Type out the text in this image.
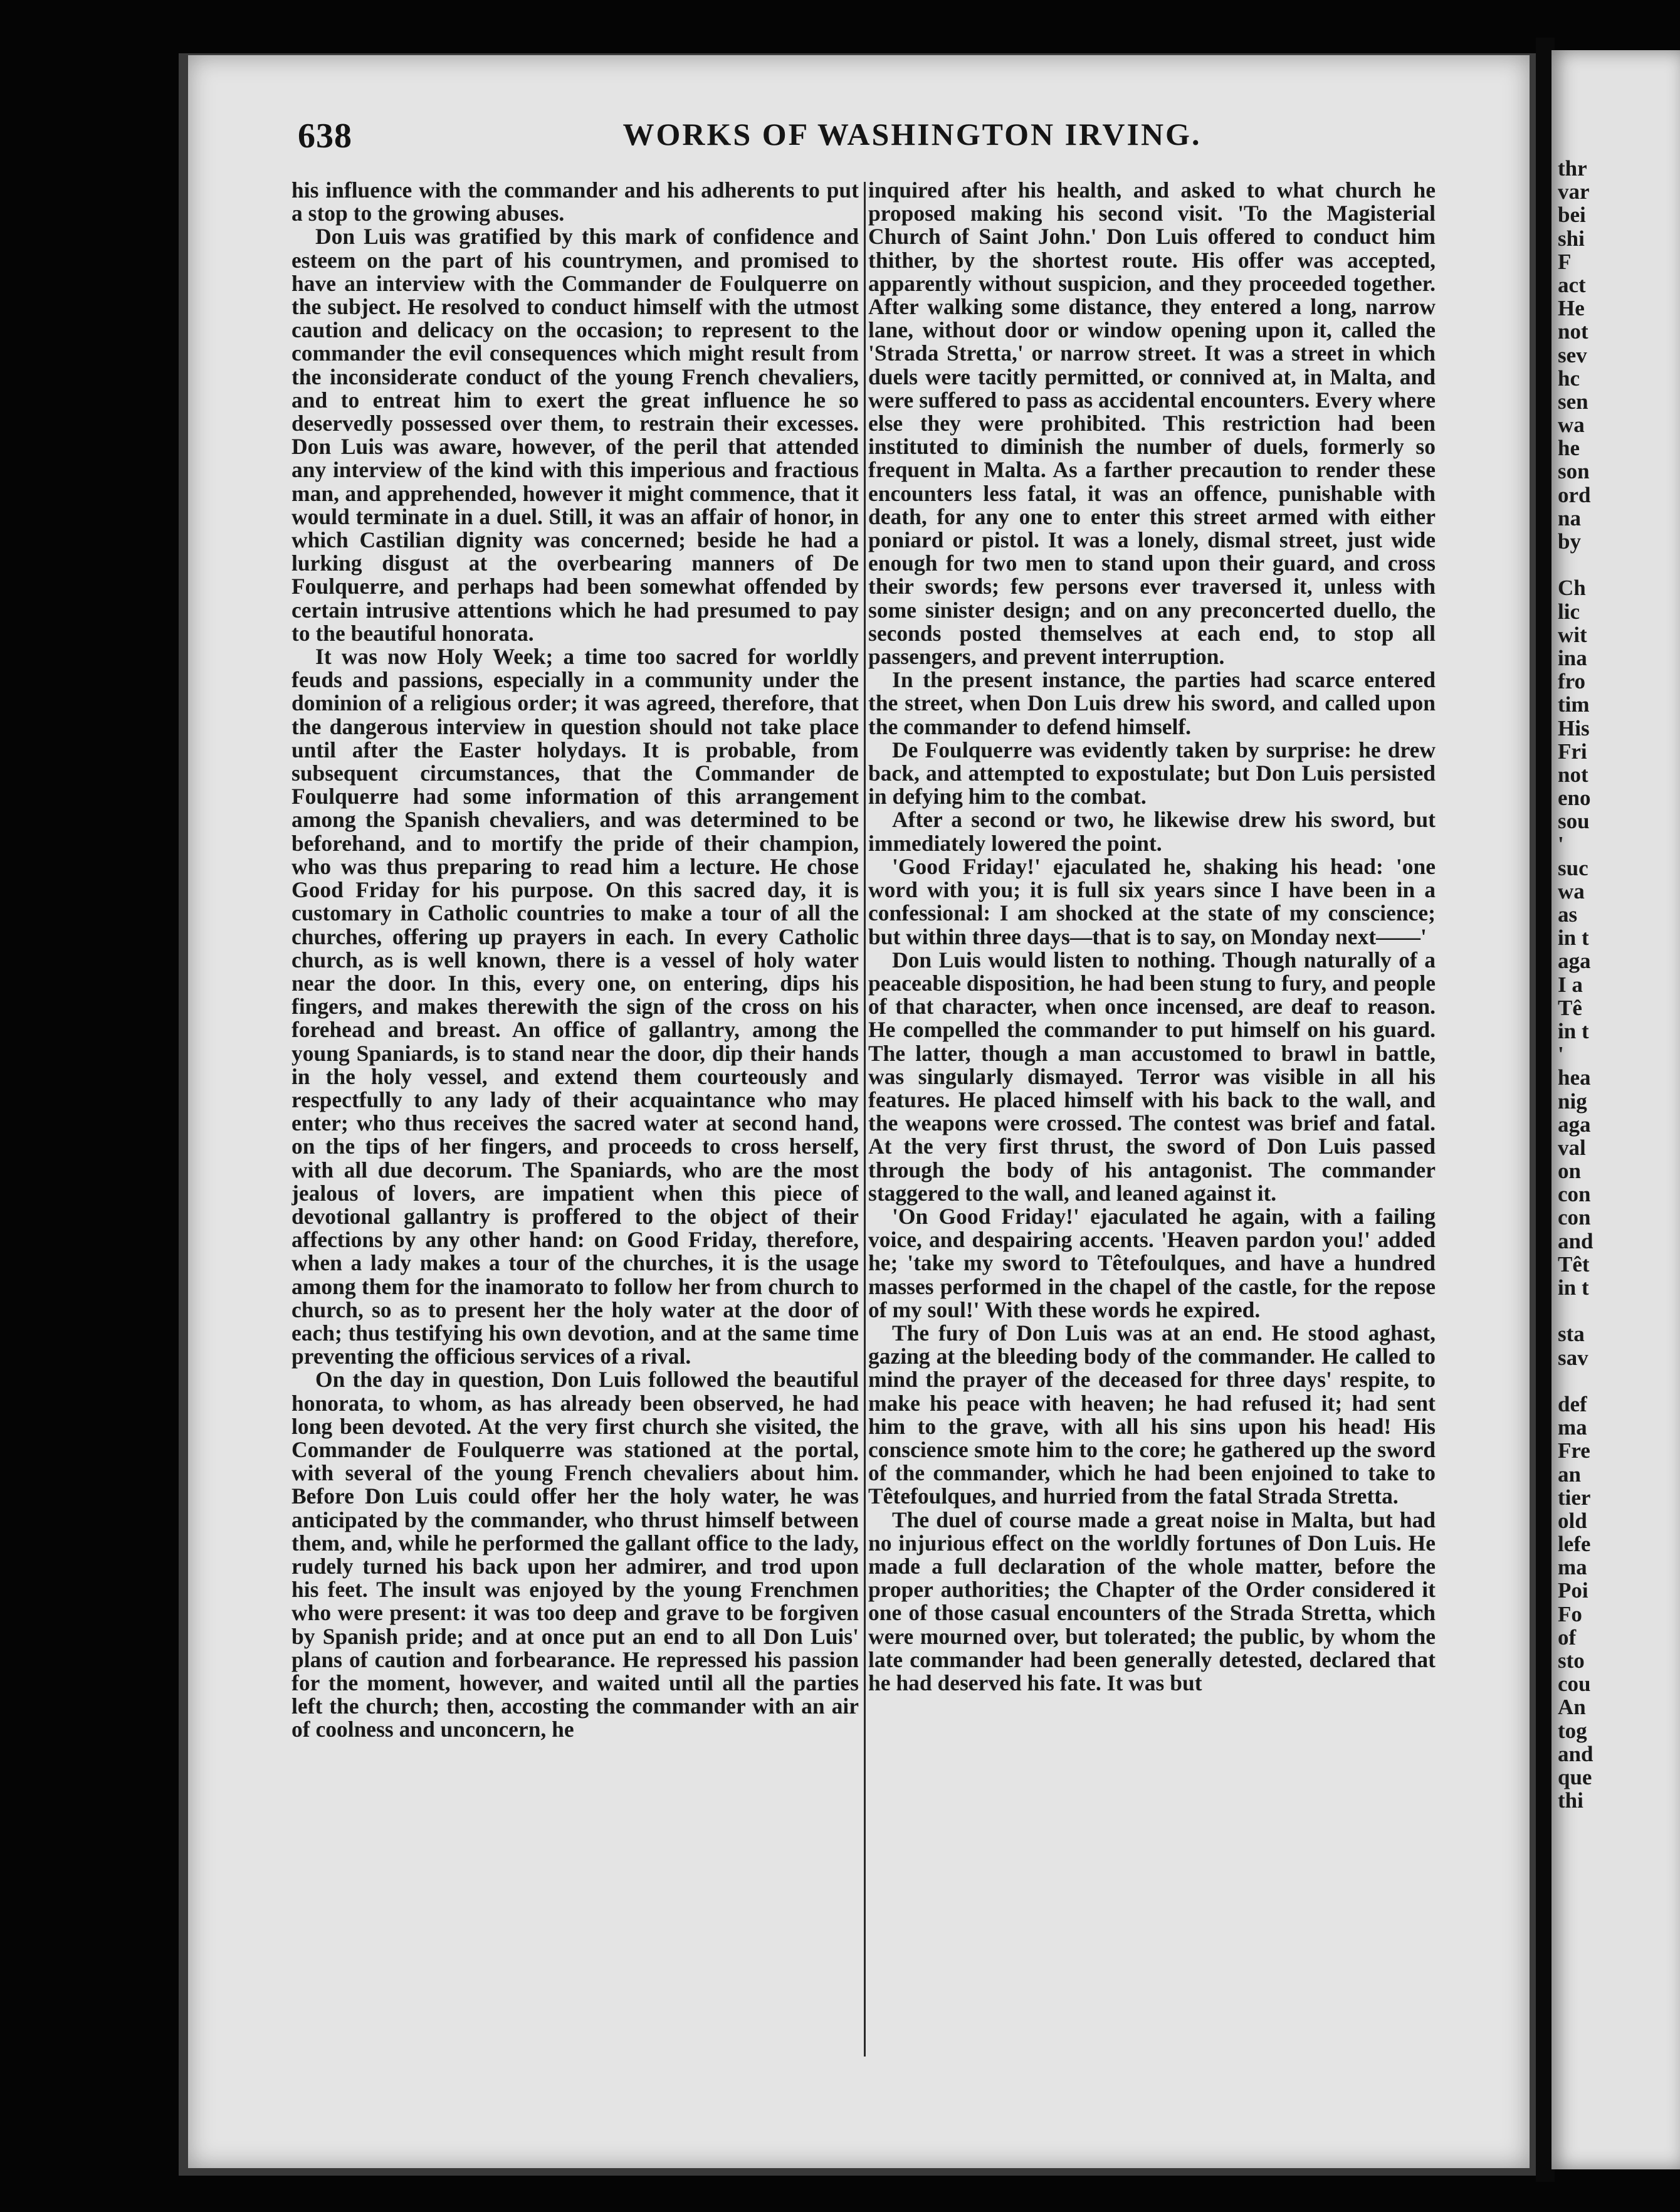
thr
var
bei
shi
F
act
He
not
sev
hc
sen
wa
he
son
ord
na
by
Ch
lic
wit
ina
fro
tim
His
Fri
not
eno
sou
'
suc
wa
as
in t
aga
I a
Tê
in t
'
hea
nig
aga
val
on
con
con
and
Têt
in t
sta
sav
def
ma
Fre
an
tier
old
lefe
ma
Poi
Fo
of
sto
cou
An
tog
and
que
thi
638	WORKS OF WASHINGTON IRVING.

his influence with the commander and his adherents to put a stop to the growing abuses.

Don Luis was gratified by this mark of confidence and esteem on the part of his countrymen, and promised to have an interview with the Commander de Foulquerre on the subject. He resolved to conduct himself with the utmost caution and delicacy on the occasion; to represent to the commander the evil consequences which might result from the inconsiderate conduct of the young French chevaliers, and to entreat him to exert the great influence he so deservedly possessed over them, to restrain their excesses. Don Luis was aware, however, of the peril that attended any interview of the kind with this imperious and fractious man, and apprehended, however it might commence, that it would terminate in a duel. Still, it was an affair of honor, in which Castilian dignity was concerned; beside he had a lurking disgust at the overbearing manners of De Foulquerre, and perhaps had been somewhat offended by certain intrusive attentions which he had presumed to pay to the beautiful honorata.

It was now Holy Week; a time too sacred for worldly feuds and passions, especially in a community under the dominion of a religious order; it was agreed, therefore, that the dangerous interview in question should not take place until after the Easter holydays. It is probable, from subsequent circumstances, that the Commander de Foulquerre had some information of this arrangement among the Spanish chevaliers, and was determined to be beforehand, and to mortify the pride of their champion, who was thus preparing to read him a lecture. He chose Good Friday for his purpose. On this sacred day, it is customary in Catholic countries to make a tour of all the churches, offering up prayers in each. In every Catholic church, as is well known, there is a vessel of holy water near the door. In this, every one, on entering, dips his fingers, and makes therewith the sign of the cross on his forehead and breast. An office of gallantry, among the young Spaniards, is to stand near the door, dip their hands in the holy vessel, and extend them courteously and respectfully to any lady of their acquaintance who may enter; who thus receives the sacred water at second hand, on the tips of her fingers, and proceeds to cross herself, with all due decorum. The Spaniards, who are the most jealous of lovers, are impatient when this piece of devotional gallantry is proffered to the object of their affections by any other hand: on Good Friday, therefore, when a lady makes a tour of the churches, it is the usage among them for the inamorato to follow her from church to church, so as to present her the holy water at the door of each; thus testifying his own devotion, and at the same time preventing the officious services of a rival.

On the day in question, Don Luis followed the beautiful honorata, to whom, as has already been observed, he had long been devoted. At the very first church she visited, the Commander de Foulquerre was stationed at the portal, with several of the young French chevaliers about him. Before Don Luis could offer her the holy water, he was anticipated by the commander, who thrust himself between them, and, while he performed the gallant office to the lady, rudely turned his back upon her admirer, and trod upon his feet. The insult was enjoyed by the young Frenchmen who were present: it was too deep and grave to be forgiven by Spanish pride; and at once put an end to all Don Luis' plans of caution and forbearance. He repressed his passion for the moment, however, and waited until all the parties left the church; then, accosting the commander with an air of coolness and unconcern, he

inquired after his health, and asked to what church he proposed making his second visit. 'To the Magisterial Church of Saint John.' Don Luis offered to conduct him thither, by the shortest route. His offer was accepted, apparently without suspicion, and they proceeded together. After walking some distance, they entered a long, narrow lane, without door or window opening upon it, called the 'Strada Stretta,' or narrow street. It was a street in which duels were tacitly permitted, or connived at, in Malta, and were suffered to pass as accidental encounters. Every where else they were prohibited. This restriction had been instituted to diminish the number of duels, formerly so frequent in Malta. As a farther precaution to render these encounters less fatal, it was an offence, punishable with death, for any one to enter this street armed with either poniard or pistol. It was a lonely, dismal street, just wide enough for two men to stand upon their guard, and cross their swords; few persons ever traversed it, unless with some sinister design; and on any preconcerted duello, the seconds posted themselves at each end, to stop all passengers, and prevent interruption.

In the present instance, the parties had scarce entered the street, when Don Luis drew his sword, and called upon the commander to defend himself.

De Foulquerre was evidently taken by surprise: he drew back, and attempted to expostulate; but Don Luis persisted in defying him to the combat.

After a second or two, he likewise drew his sword, but immediately lowered the point.

'Good Friday!' ejaculated he, shaking his head: 'one word with you; it is full six years since I have been in a confessional: I am shocked at the state of my conscience; but within three days—that is to say, on Monday next——'

Don Luis would listen to nothing. Though naturally of a peaceable disposition, he had been stung to fury, and people of that character, when once incensed, are deaf to reason. He compelled the commander to put himself on his guard. The latter, though a man accustomed to brawl in battle, was singularly dismayed. Terror was visible in all his features. He placed himself with his back to the wall, and the weapons were crossed. The contest was brief and fatal. At the very first thrust, the sword of Don Luis passed through the body of his antagonist. The commander staggered to the wall, and leaned against it.

'On Good Friday!' ejaculated he again, with a failing voice, and despairing accents. 'Heaven pardon you!' added he; 'take my sword to Têtefoulques, and have a hundred masses performed in the chapel of the castle, for the repose of my soul!' With these words he expired.

The fury of Don Luis was at an end. He stood aghast, gazing at the bleeding body of the commander. He called to mind the prayer of the deceased for three days' respite, to make his peace with heaven; he had refused it; had sent him to the grave, with all his sins upon his head! His conscience smote him to the core; he gathered up the sword of the commander, which he had been enjoined to take to Têtefoulques, and hurried from the fatal Strada Stretta.

The duel of course made a great noise in Malta, but had no injurious effect on the worldly fortunes of Don Luis. He made a full declaration of the whole matter, before the proper authorities; the Chapter of the Order considered it one of those casual encounters of the Strada Stretta, which were mourned over, but tolerated; the public, by whom the late commander had been generally detested, declared that he had deserved his fate. It was but
